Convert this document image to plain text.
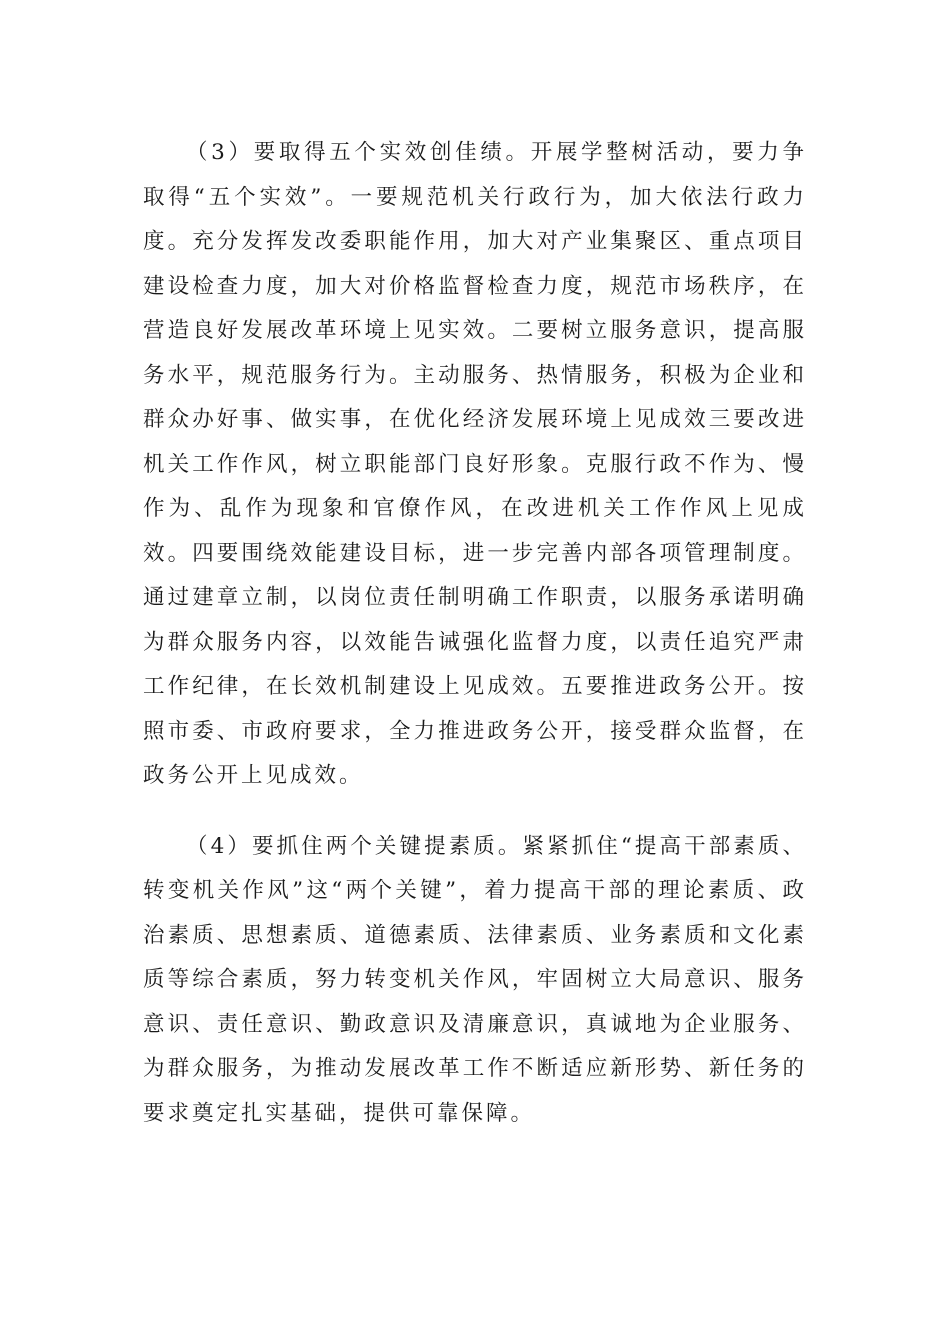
（3）要取得五个实效创佳绩。开展学整树活动，要力争取得“五个实效”。一要规范机关行政行为，加大依法行政力度。充分发挥发改委职能作用，加大对产业集聚区、重点项目建设检查力度，加大对价格监督检查力度，规范市场秩序，在营造良好发展改革环境上见实效。二要树立服务意识，提高服务水平，规范服务行为。主动服务、热情服务，积极为企业和群众办好事、做实事，在优化经济发展环境上见成效三要改进机关工作作风，树立职能部门良好形象。克服行政不作为、慢作为、乱作为现象和官僚作风，在改进机关工作作风上见成效。四要围绕效能建设目标，进一步完善内部各项管理制度。通过建章立制，以岗位责任制明确工作职责，以服务承诺明确为群众服务内容，以效能告诫强化监督力度，以责任追究严肃工作纪律，在长效机制建设上见成效。五要推进政务公开。按照市委、市政府要求，全力推进政务公开，接受群众监督，在政务公开上见成效。

（4）要抓住两个关键提素质。紧紧抓住“提高干部素质、转变机关作风”这“两个关键”，着力提高干部的理论素质、政治素质、思想素质、道德素质、法律素质、业务素质和文化素质等综合素质，努力转变机关作风，牢固树立大局意识、服务意识、责任意识、勤政意识及清廉意识，真诚地为企业服务、为群众服务，为推动发展改革工作不断适应新形势、新任务的要求奠定扎实基础，提供可靠保障。
